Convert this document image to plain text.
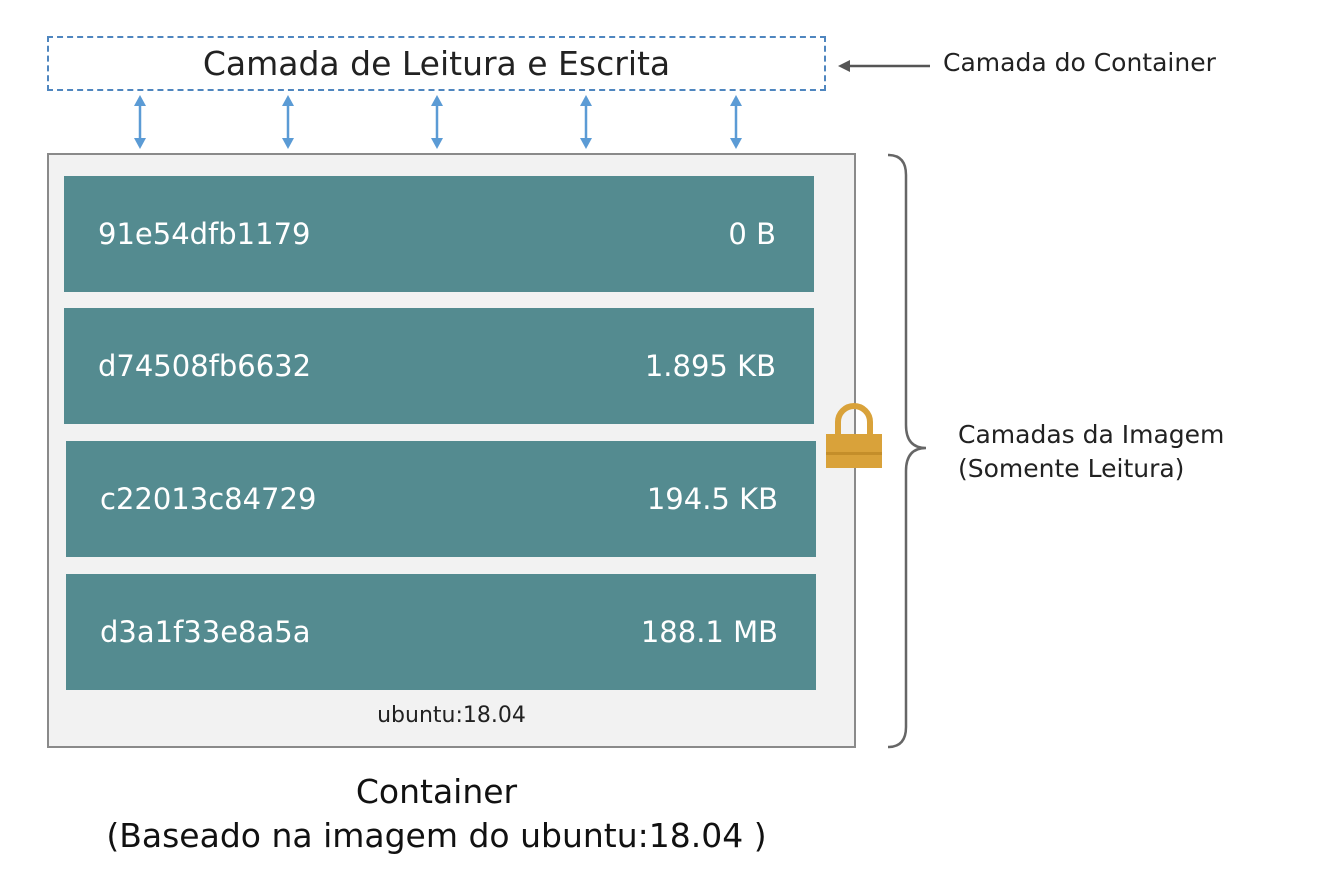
Camada de Leitura e Escrita	Camada do Container
91e54dfb1179	0 B
d74508fb6632	1.895 KB
c22013c84729	194.5 KB
d3a1f33e8a5a	188.1 MB
ubuntu:18.04
Camadas da Imagem
(Somente Leitura)
Container
(Baseado na imagem do ubuntu:18.04 )
